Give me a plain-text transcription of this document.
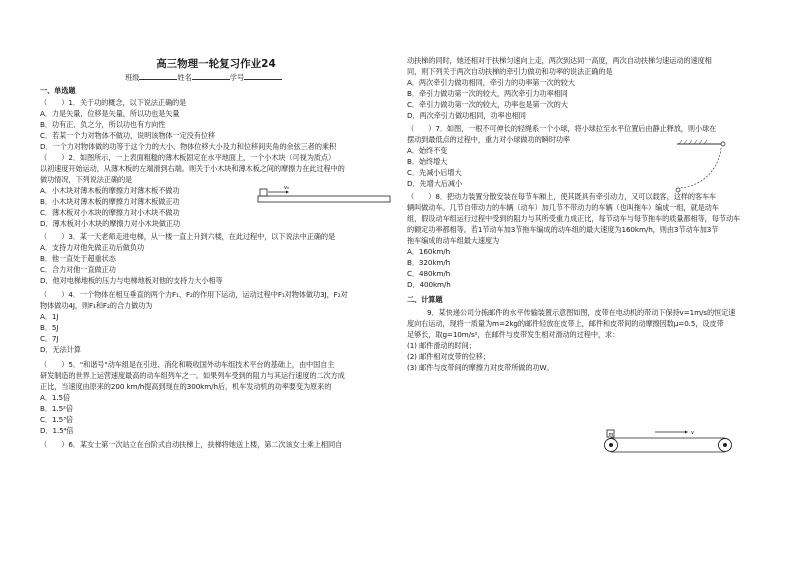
高三物理一轮复习作业24
班级	姓名	学号
一、单选题
（　　）1．关于功的概念，以下说法正确的是
A．力是矢量，位移是矢量，所以功也是矢量
B．功有正、负之分，所以功也有方向性
C．若某一个力对物体不做功，说明该物体一定没有位移
D．一个力对物体做的功等于这个力的大小、物体位移大小及力和位移间夹角的余弦三者的乘积
（　　）2．如图所示，一上表面粗糙的薄木板固定在水平地面上，一个小木块（可视为质点）
以初速度开始运动，从薄木板的左端滑到右端。则关于小木块和薄木板之间的摩擦力在此过程中的
做功情况，下列说法正确的是
A．小木块对薄木板的摩擦力对薄木板不做功
B．小木块对薄木板的摩擦力对薄木板做正功
C．薄木板对小木块的摩擦力对小木块不做功
D．薄木板对小木块的摩擦力对小木块做正功
v₀
（　　）3．某一天老师走进电梯，从一楼一直上升到六楼，在此过程中，以下说法中正确的是
A．支持力对他先做正功后做负功
B．他一直处于超重状态
C．合力对他一直做正功
D．他对电梯地板的压力与电梯地板对他的支持力大小相等
（　　）4．一个物体在相互垂直的两个力F₁、F₂的作用下运动，运动过程中F₁对物体做功3J，F₂对
物体做功4J，则F₁和F₂的合力做功为
A．1J
B．5J
C．7J
D．无法计算
（　　）5．"和谐号"动车组是在引进、消化和吸收国外动车组技术平台的基础上，由中国自主
研发制造的世界上运营速度最高的动车组列车之一。如果列车受到的阻力与其运行速度的二次方成
正比，当速度由原来的200 km/h提高到现在的300km/h后，机车发动机的功率要变为原来的
A．1.5倍
B．1.5²倍
C．1.5³倍
D．1.5⁴倍
（　　）6．某女士第一次站立在台阶式自动扶梯上，扶梯将她送上楼，第二次该女士乘上相同自
动扶梯的同时，她还相对于扶梯匀速向上走，两次到达同一高度，两次自动扶梯匀速运动的速度相
同，则下列关于两次自动扶梯的牵引力做功和功率的说法正确的是
A．两次牵引力做功相同，牵引力的功率第一次的较大
B．牵引力做功第一次的较大，两次牵引力功率相同
C．牵引力做功第一次的较大，功率也是第一次的大
D．两次牵引力做功相同，功率也相同
（　　）7．如图，一根不可伸长的轻绳系一个小球，将小球拉至水平位置后由静止释放，则小球在
摆动到最低点的过程中，重力对小球做功的瞬时功率
A．始终不变
B．始终增大
C．先减小后增大
D．先增大后减小
（　　）8．把动力装置分散安装在每节车厢上，使其既具有牵引动力，又可以载客，这样的客车车
辆叫做动车。几节自带动力的车辆（动车）加几节不带动力的车辆（也叫拖车）编成一组，就是动车
组，假设动车组运行过程中受到的阻力与其所受重力成正比，每节动车与每节拖车的质量都相等，每节动车
的额定功率都相等。若1节动车加3节拖车编成的动车组的最大速度为160km/h，则由3节动车加3节
拖车编成的动车组最大速度为
A．160km/h
B．320km/h
C．480km/h
D．400km/h
二、计算题
9．某快递公司分拣邮件的水平传输装置示意图如图，皮带在电动机的带动下保持v=1m/s的恒定速
度向右运动，现将一质量为m=2kg的邮件轻放在皮带上，邮件和皮带间的动摩擦因数μ=0.5，设皮带
足够长，取g=10m/s²，在邮件与皮带发生相对滑动的过程中，求：
(1) 邮件滑动的时间；
(2) 邮件相对皮带的位移；
(3) 邮件与皮带间的摩擦力对皮带所做的功W。
m	v
